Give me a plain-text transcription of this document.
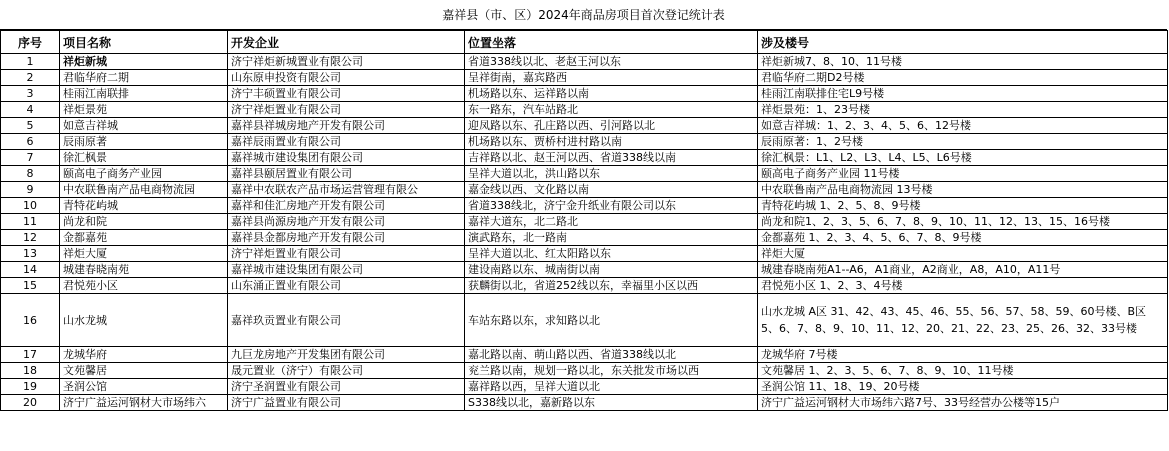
嘉祥县（市、区）2024年商品房项目首次登记统计表
序号	项目名称	开发企业	位置坐落	涉及楼号
1	祥炬新城	济宁祥炬新城置业有限公司	省道338线以北、老赵王河以东	祥炬新城7、8、10、11号楼
2	君临华府二期	山东原申投资有限公司	呈祥街南，嘉宾路西	君临华府二期D2号楼
3	桂雨江南联排	济宁丰硕置业有限公司	机场路以东、运祥路以南	桂雨江南联排住宅L9号楼
4	祥炬景苑	济宁祥炬置业有限公司	东一路东，汽车站路北	祥炬景苑：1、23号楼
5	如意吉祥城	嘉祥县祥城房地产开发有限公司	迎凤路以东、孔庄路以西、引河路以北	如意吉祥城：1、2、3、4、5、6、12号楼
6	辰雨原著	嘉祥辰雨置业有限公司	机场路以东、贾桥村进村路以南	辰雨原著：1、2号楼
7	徐汇枫景	嘉祥城市建设集团有限公司	吉祥路以北、赵王河以西、省道338线以南	徐汇枫景：L1、L2、L3、L4、L5、L6号楼
8	颐高电子商务产业园	嘉祥县颐居置业有限公司	呈祥大道以北，洪山路以东	颐高电子商务产业园 11号楼
9	中农联鲁南产品电商物流园	嘉祥中农联农产品市场运营管理有限公	嘉金线以西、文化路以南	中农联鲁南产品电商物流园 13号楼
10	青特花屿城	嘉祥和佳汇房地产开发有限公司	省道338线北，济宁金升纸业有限公司以东	青特花屿城 1、2、5、8、9号楼
11	尚龙和院	嘉祥县尚源房地产开发有限公司	嘉祥大道东，北二路北	尚龙和院1、2、3、5、6、7、8、9、10、11、12、13、15、16号楼
12	金都嘉苑	嘉祥县金都房地产开发有限公司	演武路东，北一路南	金都嘉苑 1、2、3、4、5、6、7、8、9号楼
13	祥炬大厦	济宁祥炬置业有限公司	呈祥大道以北、红太阳路以东	祥炬大厦
14	城建春晓南苑	嘉祥城市建设集团有限公司	建设南路以东、城南街以南	城建春晓南苑A1--A6，A1商业，A2商业，A8，A10，A11号
15	君悦苑小区	山东涌正置业有限公司	获麟街以北，省道252线以东，幸福里小区以西	君悦苑小区 1、2、3、4号楼
16	山水龙城	嘉祥玖贡置业有限公司	车站东路以东，求知路以北	山水龙城 A区 31、42、43、45、46、55、56、57、58、59、60号楼、B区5、6、7、8、9、10、11、12、20、21、22、23、25、26、32、33号楼
17	龙城华府	九巨龙房地产开发集团有限公司	嘉北路以南、萌山路以西、省道338线以北	龙城华府 7号楼
18	文苑馨居	晟元置业（济宁）有限公司	兖兰路以南，规划一路以北，东关批发市场以西	文苑馨居 1、2、3、5、6、7、8、9、10、11号楼
19	圣润公馆	济宁圣润置业有限公司	嘉祥路以西，呈祥大道以北	圣润公馆 11、18、19、20号楼
20	济宁广益运河钢材大市场纬六	济宁广益置业有限公司	S338线以北，嘉新路以东	济宁广益运河钢材大市场纬六路7号、33号经营办公楼等15户
